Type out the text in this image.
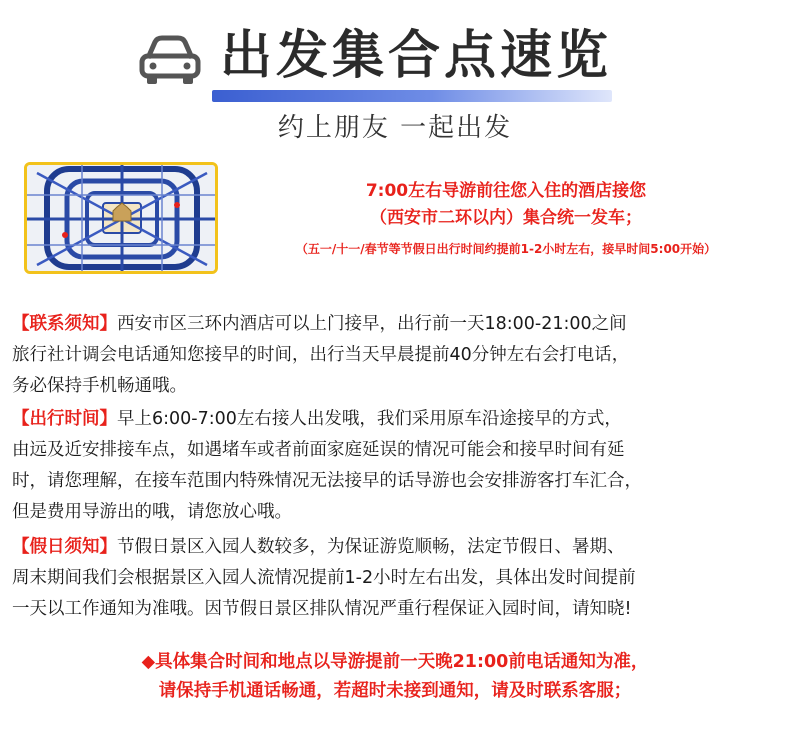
出发集合点速览
约上朋友 一起出发
7:00左右导游前往您入住的酒店接您
（西安市二环以内）集合统一发车；
（五一/十一/春节等节假日出行时间约提前1-2小时左右，接早时间5:00开始）
【联系须知】西安市区三环内酒店可以上门接早，出行前一天18:00-21:00之间
旅行社计调会电话通知您接早的时间，出行当天早晨提前40分钟左右会打电话，
务必保持手机畅通哦。
【出行时间】早上6:00-7:00左右接人出发哦，我们采用原车沿途接早的方式，
由远及近安排接车点，如遇堵车或者前面家庭延误的情况可能会和接早时间有延
时，请您理解，在接车范围内特殊情况无法接早的话导游也会安排游客打车汇合，
但是费用导游出的哦，请您放心哦。
【假日须知】节假日景区入园人数较多，为保证游览顺畅，法定节假日、暑期、
周末期间我们会根据景区入园人流情况提前1-2小时左右出发，具体出发时间提前
一天以工作通知为准哦。因节假日景区排队情况严重行程保证入园时间，请知晓!
◆具体集合时间和地点以导游提前一天晚21:00前电话通知为准，
请保持手机通话畅通，若超时未接到通知，请及时联系客服；
